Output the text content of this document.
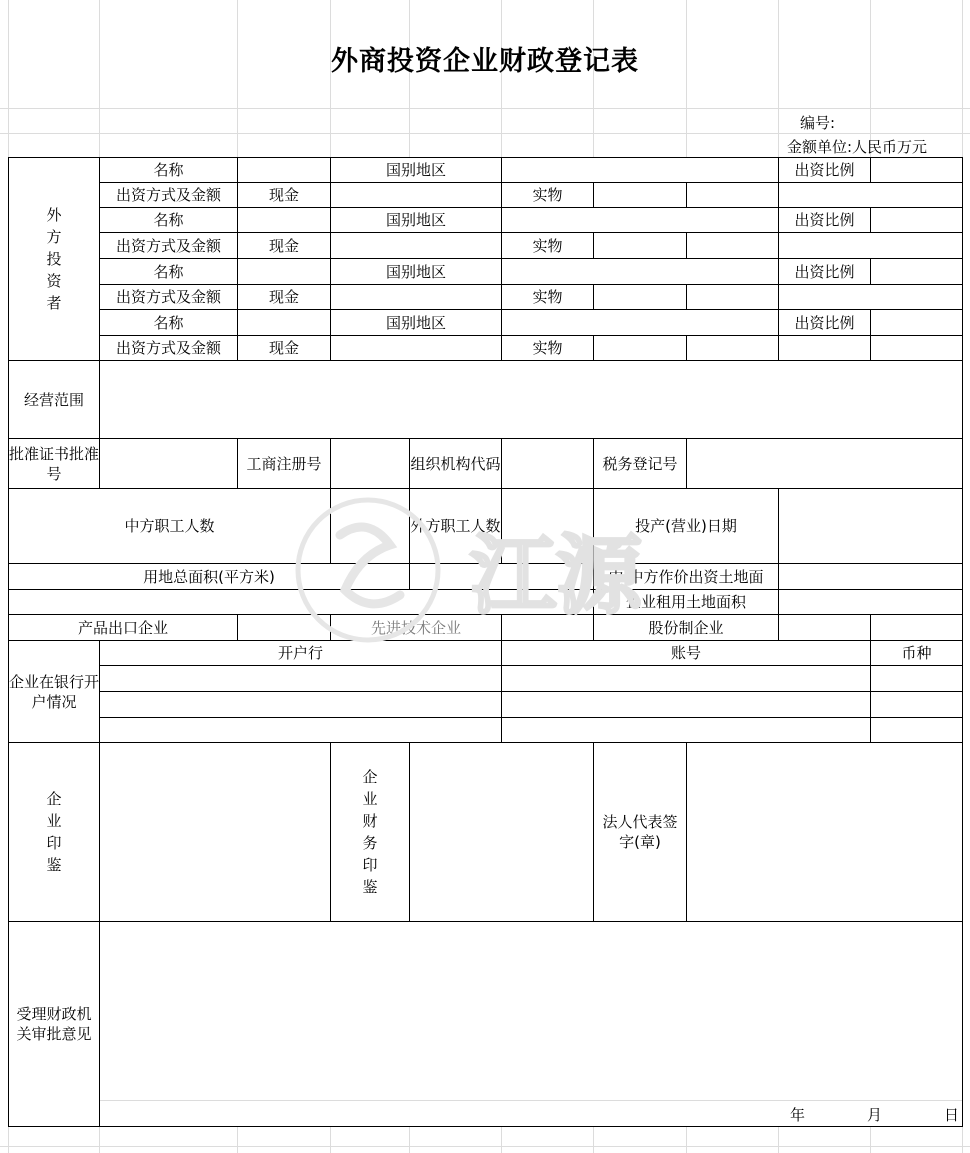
外商投资企业财政登记表
编号:
金额单位:人民币万元
外
方
投
资
者
名称	国别地区	出资比例
出资方式及金额	现金	实物
名称	国别地区	出资比例
出资方式及金额	现金	实物
名称	国别地区	出资比例
出资方式及金额	现金	实物
名称	国别地区	出资比例
出资方式及金额	现金	实物
经营范围
批准证书批准号
工商注册号	组织机构代码	税务登记号
中方职工人数	外方职工人数	投产(营业)日期
用地总面积(平方米)	中:中方作价出资土地面
企业租用土地面积
产品出口企业	先进技术企业	股份制企业
企业在银行开户情况
开户行	账号	币种
企
业
印
鉴
企
业
财
务
印
鉴
法人代表签字(章)
受理财政机关审批意见
年	月	日
江源
